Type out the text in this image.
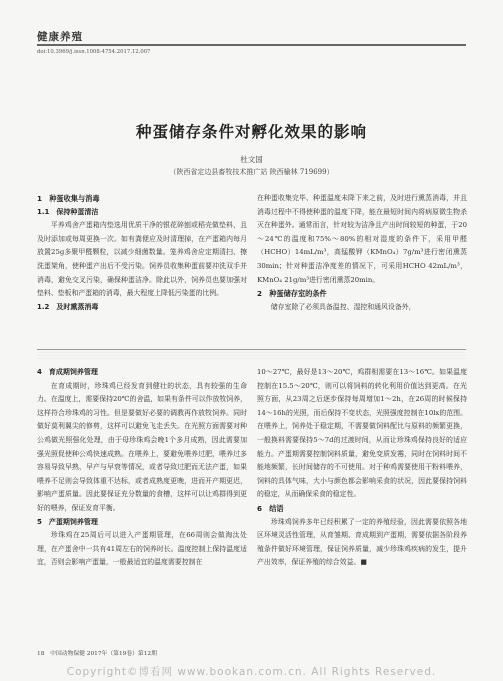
健康养殖
doi:10.3969/j.issn.1008-4754.2017.12.007
种蛋储存条件对孵化效果的影响
杜文国
（陕西省定边县畜牧技术推广站 陕西榆林 719699）

1　种蛋收集与消毒

1.1　保持种蛋清洁

平养鸡舍产蛋箱内垫选用优质干净的银花碎刨或稻壳做垫料，且及时添加或每周更换一次。如有粪便应及时清理掉，在产蛋箱内每月放置25g多聚甲醛颗粒，以减少细菌数量。笼养鸡舍应定期清扫、擦洗蛋架角，使种蛋产出后不受污染。饲养员收集种蛋前要冲洗双手并消毒，避免交叉污染，确保种蛋洁净。除此以外，饲养员也要加强对垫料、垫板和产蛋箱的消毒，最大程度上降低污染蛋的比例。

1.2　及时熏蒸消毒

在种蛋收集完毕、种蛋温度未降下来之前，及时进行熏蒸消毒，并且消毒过程中不得使种蛋的温度下降，能在最短时间内将病原微生物杀灭在种蛋外。通常而言，针对较为洁净且产出时间较短的种蛋，于20～24℃的温度和75%～80%的相对湿度的条件下，采用甲醛（HCHO）14mL/m³，高锰酸钾（KMnO₄）7g/m³进行密闭熏蒸30min；针对种蛋洁净度差的情况下，可采用HCHO 42mL/m³，KMnO₄ 21g/m³进行密闭熏蒸20min。

2　种蛋储存室的条件

储存室除了必须具备温控、湿控和通风设备外，

4　育成期饲养管理

在育成期时，珍珠鸡已经发育到健壮的状态，具有较强的生命力。在温度上，需要保持20℃的舍温，如果有条件可以作放牧饲养，这样符合珍珠鸡的习性。但是要做好必要的调教再作放牧饲养。同时做好莫利翼尖的修剪，这样可以避免飞走丢失。在光照方面需要对种公鸡做光照强化处理，由于母珍珠鸡会晚1个多月成熟，因此需要加强光照促使种公鸡快速成熟。在喂养上，要避免喂养过肥，喂养过多容易导致早熟、早产与早衰等情况，或者导致过肥而无法产蛋，如果喂养不足则会导致体重不达标，或者成熟度更晚，进而开产期更迟，影响产蛋质量。因此要保证充分数量的食槽，这样可以让鸡群得到更好的喂养，保证发育平衡。

5　产蛋期饲养管理

珍珠鸡在25周后可以进入产蛋期管理，在66周则会做淘汰处理，在产蛋舍中一共有41周左右的饲养时长。温度控制上保持温度适宜，否则会影响产蛋量，一般最适宜的温度需要控制在

10～27℃，最好是13～20℃，鸡群相需要在13～16℃。如果温度控制在15.5～20℃，则可以将饲料的转化利用价值达到更高。在光照方面，从23周之后逐步保持每周增加1～2h，在26周的时候保持14～16h的光照，而后保持不变状态，光照强度控制在10lx的范围。在喂养上，饲养处于稳定期，不需要做饲料配比与原料的频繁更换，一般换料需要保持5～7d的过渡时间，从而让珍珠鸡保持良好的适应能力。产蛋期需要控制饲料质量，避免变质发霉，同时在饲料时间不能地频繁，长时间储存的不可使用。对于种鸡需要使用干粉料喂养，饲料的具体气味，大小与颜色都会影响采食的状况，因此要保持饲料的稳定，从而确保采食的稳定性。

6　结语

珍珠鸡饲养多年已经积累了一定的养殖经验，因此需要依照各地区环境灵活性管理，从育雏期、育成期到产蛋期，需要依据各阶段养殖条件做好环境管理，保证饲养质量，减少珍珠鸡疾病的发生，提升产出效率，保证养殖的综合效益。■

18　中国动物保健 2017年（第19卷）第12期
Copyright©博看网 www.bookan.com.cn. All Rights Reserved.
